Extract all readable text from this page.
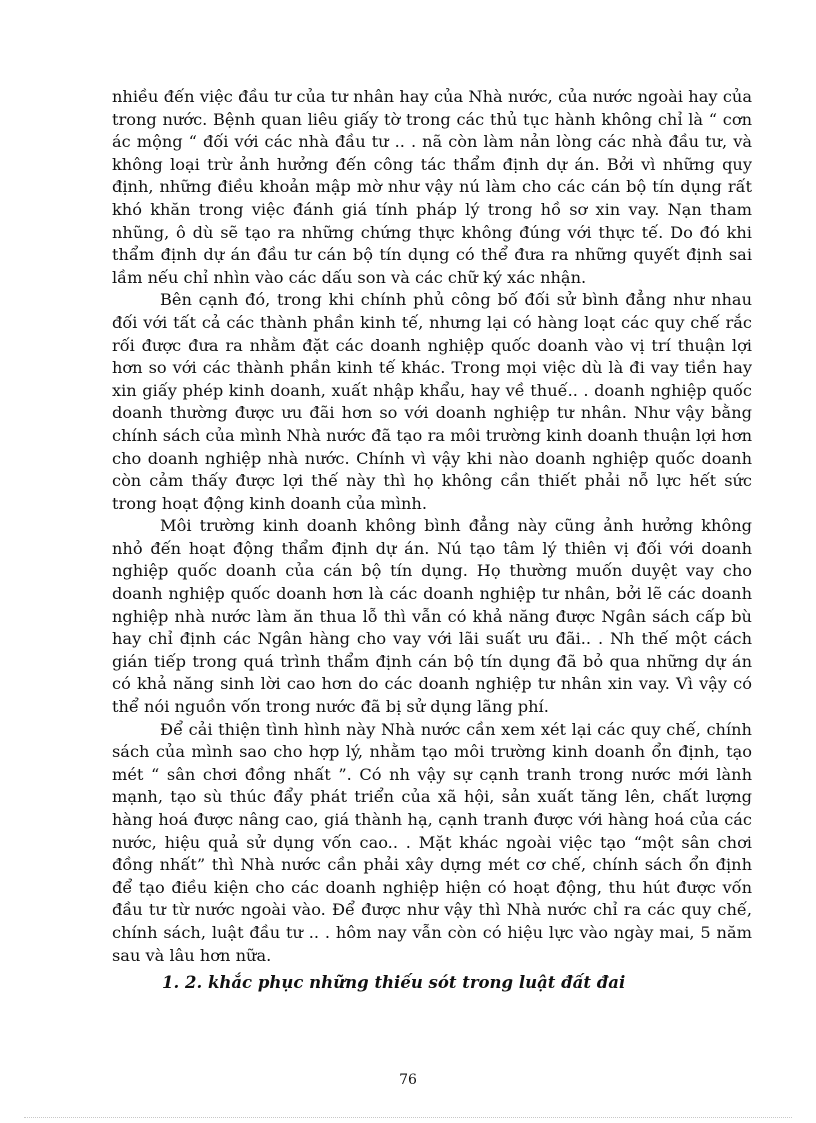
nhiều đến việc đầu tư của tư nhân hay của Nhà nước, của nước ngoài hay của trong nước. Bệnh quan liêu giấy tờ trong các thủ tục hành không chỉ là “ cơn ác mộng “ đối với các nhà đầu tư .. . nã còn làm nản lòng các nhà đầu tư, và không loại trừ ảnh hưởng đến công tác thẩm định dự án. Bởi vì những quy định, những điều khoản mập mờ như vậy nú làm cho các cán bộ tín dụng rất khó khăn trong việc đánh giá tính pháp lý trong hồ sơ xin vay. Nạn tham nhũng, ô dù sẽ tạo ra những chứng thực không đúng với thực tế. Do đó khi thẩm định dự án đầu tư cán bộ tín dụng có thể đưa ra những quyết định sai lầm nếu chỉ nhìn vào các dấu son và các chữ ký xác nhận.

Bên cạnh đó, trong khi chính phủ công bố đối sử bình đẳng như nhau đối với tất cả các thành phần kinh tế, nhưng lại có hàng loạt các quy chế rắc rối được đưa ra nhằm đặt các doanh nghiệp quốc doanh vào vị trí thuận lợi hơn so với các thành phần kinh tế khác. Trong mọi việc dù là đi vay tiền hay xin giấy phép kinh doanh, xuất nhập khẩu, hay về thuế.. . doanh nghiệp quốc doanh thường được ưu đãi hơn so với doanh nghiệp tư nhân. Như vậy bằng chính sách của mình Nhà nước đã tạo ra môi trường kinh doanh thuận lợi hơn cho doanh nghiệp nhà nước. Chính vì vậy khi nào doanh nghiệp quốc doanh còn cảm thấy được lợi thế này thì họ không cần thiết phải nỗ lực hết sức trong hoạt động kinh doanh của mình.

Môi trường kinh doanh không bình đẳng này cũng ảnh hưởng không nhỏ đến hoạt động thẩm định dự án. Nú tạo tâm lý thiên vị đối với doanh nghiệp quốc doanh của cán bộ tín dụng. Họ thường muốn duyệt vay cho doanh nghiệp quốc doanh hơn là các doanh nghiệp tư nhân, bởi lẽ các doanh nghiệp nhà nước làm ăn thua lỗ thì vẫn có khả năng được Ngân sách cấp bù hay chỉ định các Ngân hàng cho vay với lãi suất ưu đãi.. . Nh thế một cách gián tiếp trong quá trình thẩm định cán bộ tín dụng đã bỏ qua những dự án có khả năng sinh lời cao hơn do các doanh nghiệp tư nhân xin vay. Vì vậy có thể nói nguồn vốn trong nước đã bị sử dụng lãng phí.

Để cải thiện tình hình này Nhà nước cần xem xét lại các quy chế, chính sách của mình sao cho hợp lý, nhằm tạo môi trường kinh doanh ổn định, tạo mét “ sân chơi đồng nhất ”. Có nh vậy sự cạnh tranh trong nước mới lành mạnh, tạo sù thúc đẩy phát triển của xã hội, sản xuất tăng lên, chất lượng hàng hoá được nâng cao, giá thành hạ, cạnh tranh được với hàng hoá của các nước, hiệu quả sử dụng vốn cao.. . Mặt khác ngoài việc tạo “một sân chơi đồng nhất” thì Nhà nước cần phải xây dựng mét cơ chế, chính sách ổn định để tạo điều kiện cho các doanh nghiệp hiện có hoạt động, thu hút được vốn đầu tư từ nước ngoài vào. Để được như vậy thì Nhà nước chỉ ra các quy chế, chính sách, luật đầu tư .. . hôm nay vẫn còn có hiệu lực vào ngày mai, 5 năm sau và lâu hơn nữa.

1. 2. khắc phục những thiếu sót trong luật đất đai

76
